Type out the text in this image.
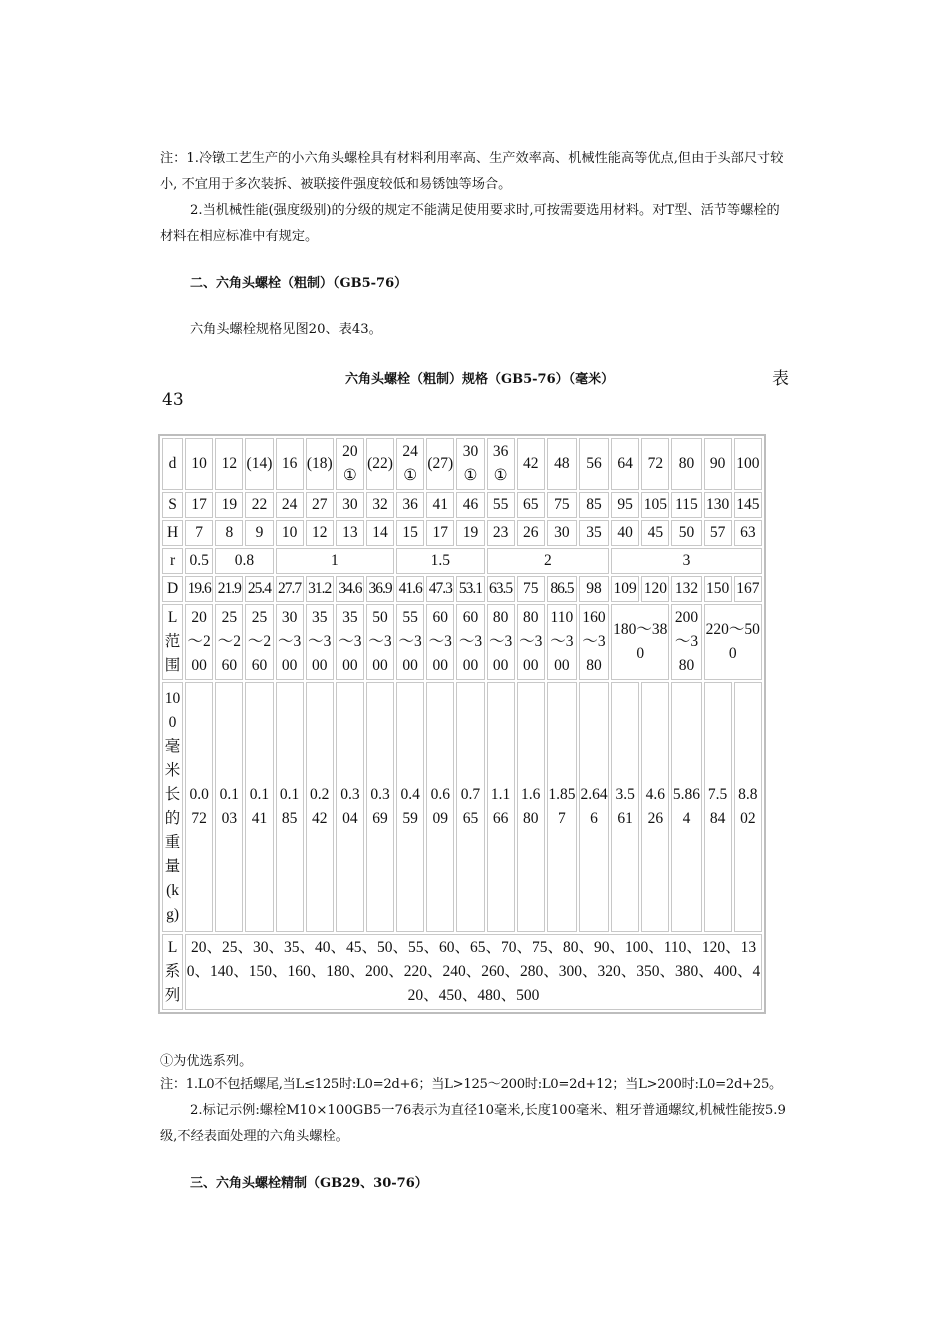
注：1.冷镦工艺生产的小六角头螺栓具有材料利用率高、生产效率高、机械性能高等优点,但由于头部尺寸较小, 不宜用于多次装拆、被联接件强度较低和易锈蚀等场合。

2.当机械性能(强度级别)的分级的规定不能满足使用要求时,可按需要选用材料。对T型、活节等螺栓的材料在相应标准中有规定。

二、六角头螺栓（粗制）（GB5-76）

六角头螺栓规格见图20、表43。

六角头螺栓（粗制）规格（GB5-76）（毫米）	表

43

d	10	12	(14)	16	(18)	20①	(22)	24①	(27)	30①	36①	42	48	56	64	72	80	90	100
S	17	19	22	24	27	30	32	36	41	46	55	65	75	85	95	105	115	130	145
H	7	8	9	10	12	13	14	15	17	19	23	26	30	35	40	45	50	57	63
r	0.5	0.8		1				1.5			2				3				
D	19.6	21.9	25.4	27.7	31.2	34.6	36.9	41.6	47.3	53.1	63.5	75	86.5	98	109	120	132	150	167
L范围	20～200	25～260	25～260	30～300	35～300	35～300	50～300	55～300	60～300	60～300	80～300	80～300	110～300	160～380	180～380		200～380	220～500	
100毫米长的重量(kg)	0.072	0.103	0.141	0.185	0.242	0.304	0.369	0.459	0.609	0.765	1.166	1.680	1.857	2.646	3.561	4.626	5.864	7.584	8.802
L系列	20、25、30、35、40、45、50、55、60、65、70、75、80、90、100、110、120、130、140、150、160、180、200、220、240、260、280、300、320、350、380、400、420、450、480、500																		

①为优选系列。

注：1.L0不包括螺尾,当L≤125时:L0=2d+6；当L>125～200时:L0=2d+12；当L>200时:L0=2d+25。

2.标记示例:螺栓M10×100GB5一76表示为直径10毫米,长度100毫米、粗牙普通螺纹,机械性能按5.9级,不经表面处理的六角头螺栓。

三、六角头螺栓精制（GB29、30-76）
